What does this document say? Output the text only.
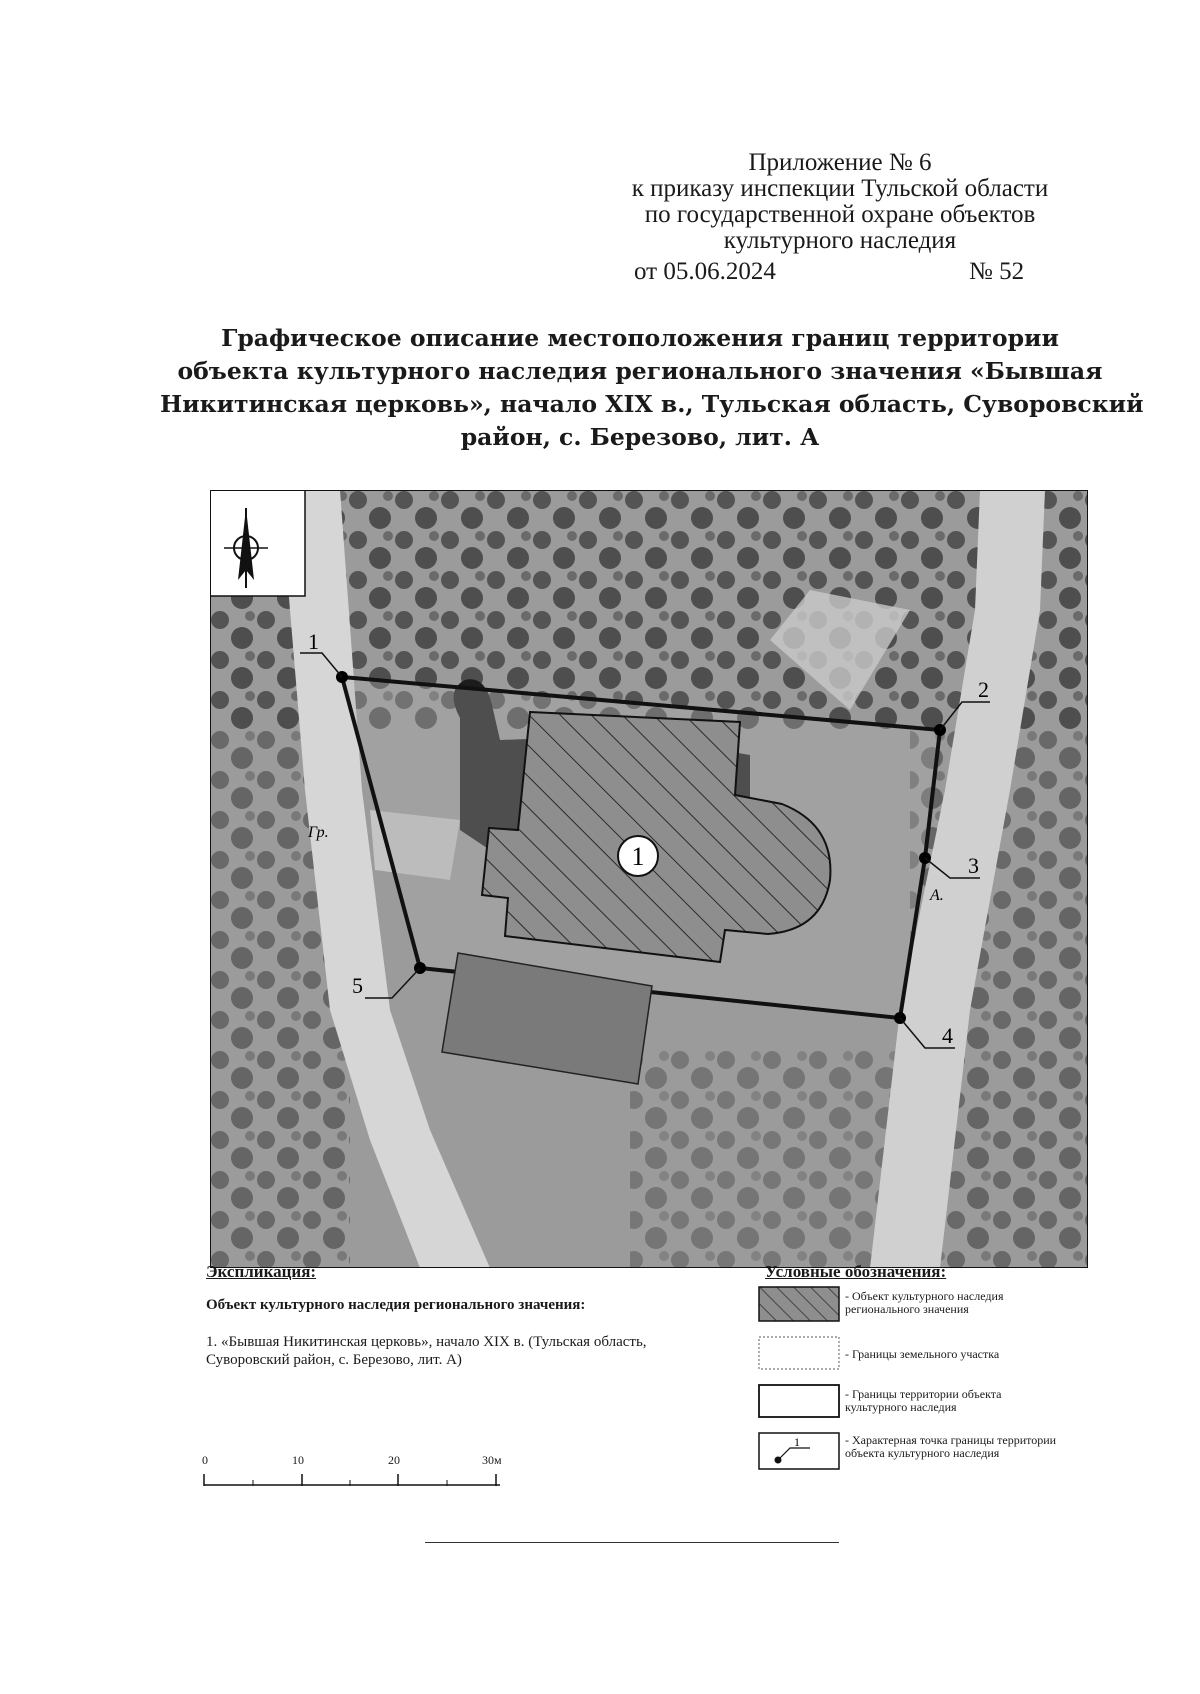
Приложение № 6
к приказу инспекции Тульской области
по государственной охране объектов
культурного наследия
от 05.06.2024	№ 52
Графическое описание местоположения границ территории
объекта культурного наследия регионального значения «Бывшая
Никитинская церковь», начало XIX в., Тульская область, Суворовский
район, с. Березово, лит. А
1
1
2
3
4
5
Гр.
А.
Экспликация:
Объект культурного наследия регионального значения:
1. «Бывшая Никитинская церковь», начало XIX в. (Тульская область, Суворовский район, с. Березово, лит. А)
Условные обозначения:
- Объект культурного наследия регионального значения
- Границы земельного участка
- Границы территории объекта культурного наследия
1	- Характерная точка границы территории объекта культурного наследия
0	10	20	30м
